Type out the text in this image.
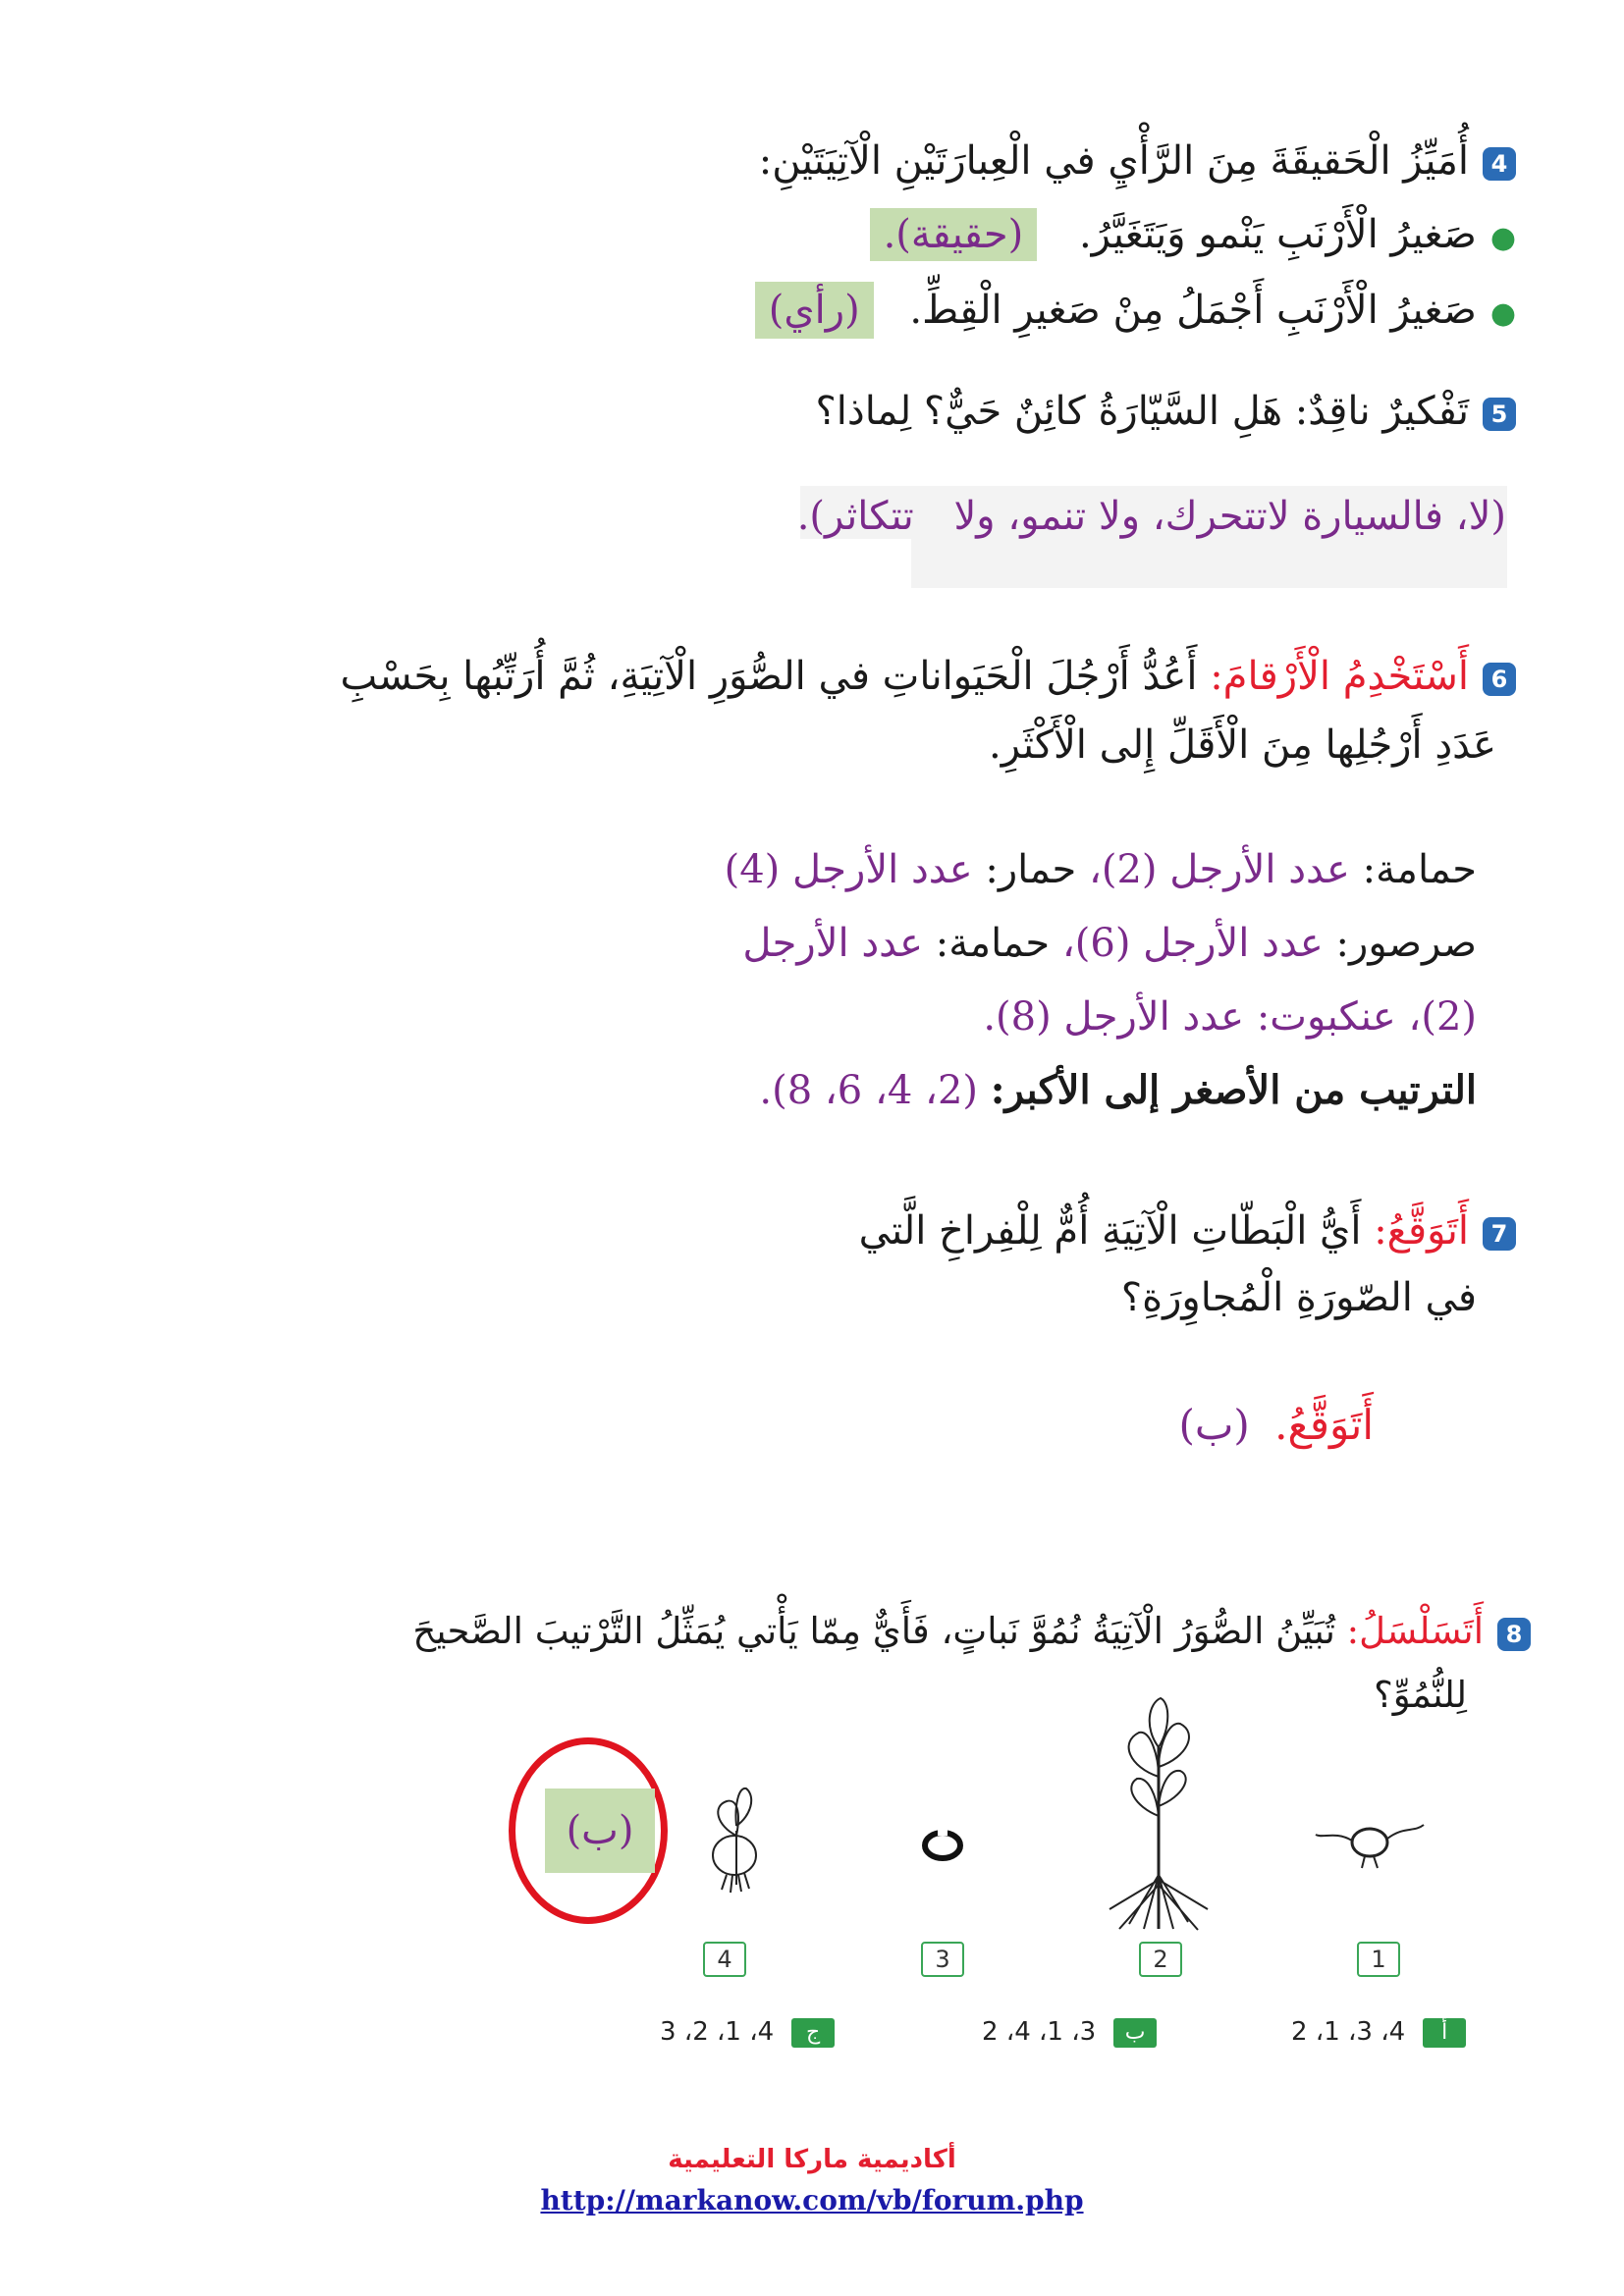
4أُمَيِّزُ الْحَقيقَةَ مِنَ الرَّأْيِ في الْعِبارَتَيْنِ الْآتِيَتَيْنِ:
●صَغيرُ الْأَرْنَبِ يَنْمو وَيَتَغَيَّرُ. (حقيقة).
●صَغيرُ الْأَرْنَبِ أَجْمَلُ مِنْ صَغيرِ الْقِطِّ. (رأي)
5تَفْكيرٌ ناقِدٌ: هَلِ السَّيّارَةُ كائِنٌ حَيٌّ؟ لِماذا؟
(لا، فالسيارة لاتتحرك، ولا تنمو، ولا تتكاثر).
6أَسْتَخْدِمُ الْأَرْقامَ: أَعُدُّ أَرْجُلَ الْحَيَواناتِ في الصُّوَرِ الْآتِيَةِ، ثُمَّ أُرَتِّبُها بِحَسْبِ
عَدَدِ أَرْجُلِها مِنَ الْأَقَلِّ إِلى الْأَكْثَرِ.
حمامة: عدد الأرجل (2)، حمار: عدد الأرجل (4)
صرصور: عدد الأرجل (6)، حمامة: عدد الأرجل
(2)، عنكبوت: عدد الأرجل (8).
الترتيب من الأصغر إلى الأكبر: (2، 4، 6، 8).
7أَتَوَقَّعُ: أَيُّ الْبَطّاتِ الْآتِيَةِ أُمٌّ لِلْفِراخِ الَّتي
في الصّورَةِ الْمُجاوِرَةِ؟
أَتَوَقَّعُ. (ب)
8أَتَسَلْسَلُ: تُبَيِّنُ الصُّوَرُ الْآتِيَةُ نُمُوَّ نَباتٍ، فَأَيٌّ مِمّا يَأْتي يُمَثِّلُ التَّرْتيبَ الصَّحيحَ
لِلنُّمُوِّ؟
(ب)
4	3	2	1
2 ،1 ،3 ،4 أ
2 ،4 ،1 ،3 ب
3 ،2 ،1 ،4 ج
أكاديمية ماركا التعليمية
http://markanow.com/vb/forum.php
